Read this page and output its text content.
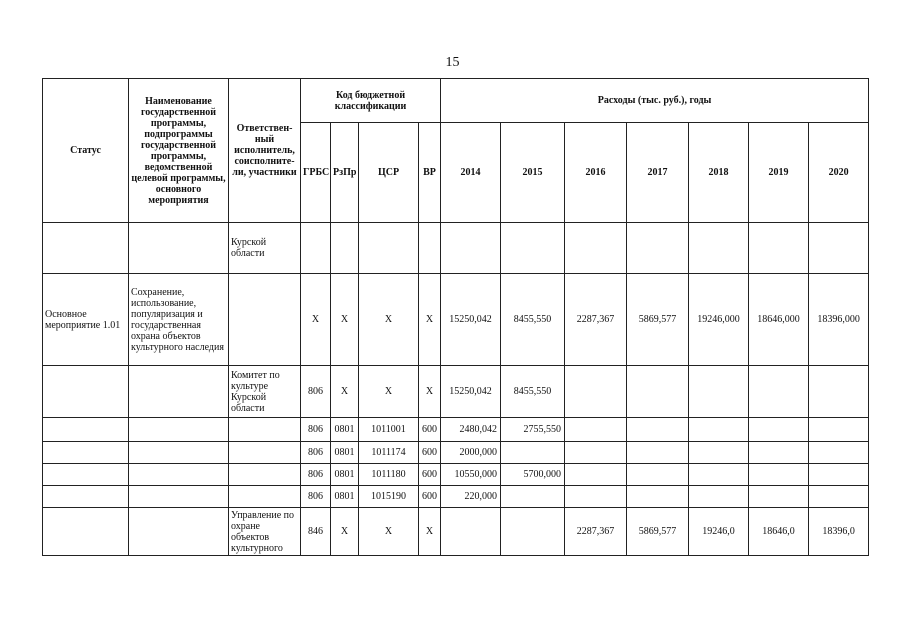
15
Статус	Наименование государственной программы, подпрограммы государственной программы, ведомственной целевой программы, основного мероприятия	Ответствен-ный исполнитель, соисполните-ли, участники	Код бюджетной классификации				Расходы (тыс. руб.), годы						
			ГРБС	РзПр	ЦСР	ВР	2014	2015	2016	2017	2018	2019	2020
		Курской области											
Основное мероприятие 1.01	Сохранение, использование, популяризация и государственная охрана объектов культурного наследия		X	X	X	X	15250,042	8455,550	2287,367	5869,577	19246,000	18646,000	18396,000
		Комитет по культуре Курской области	806	X	X	X	15250,042	8455,550					
			806	0801	1011001	600	2480,042	2755,550					
			806	0801	1011174	600	2000,000						
			806	0801	1011180	600	10550,000	5700,000					
			806	0801	1015190	600	220,000						
		Управление по охране объектов культурного	846	X	X	X			2287,367	5869,577	19246,0	18646,0	18396,0
